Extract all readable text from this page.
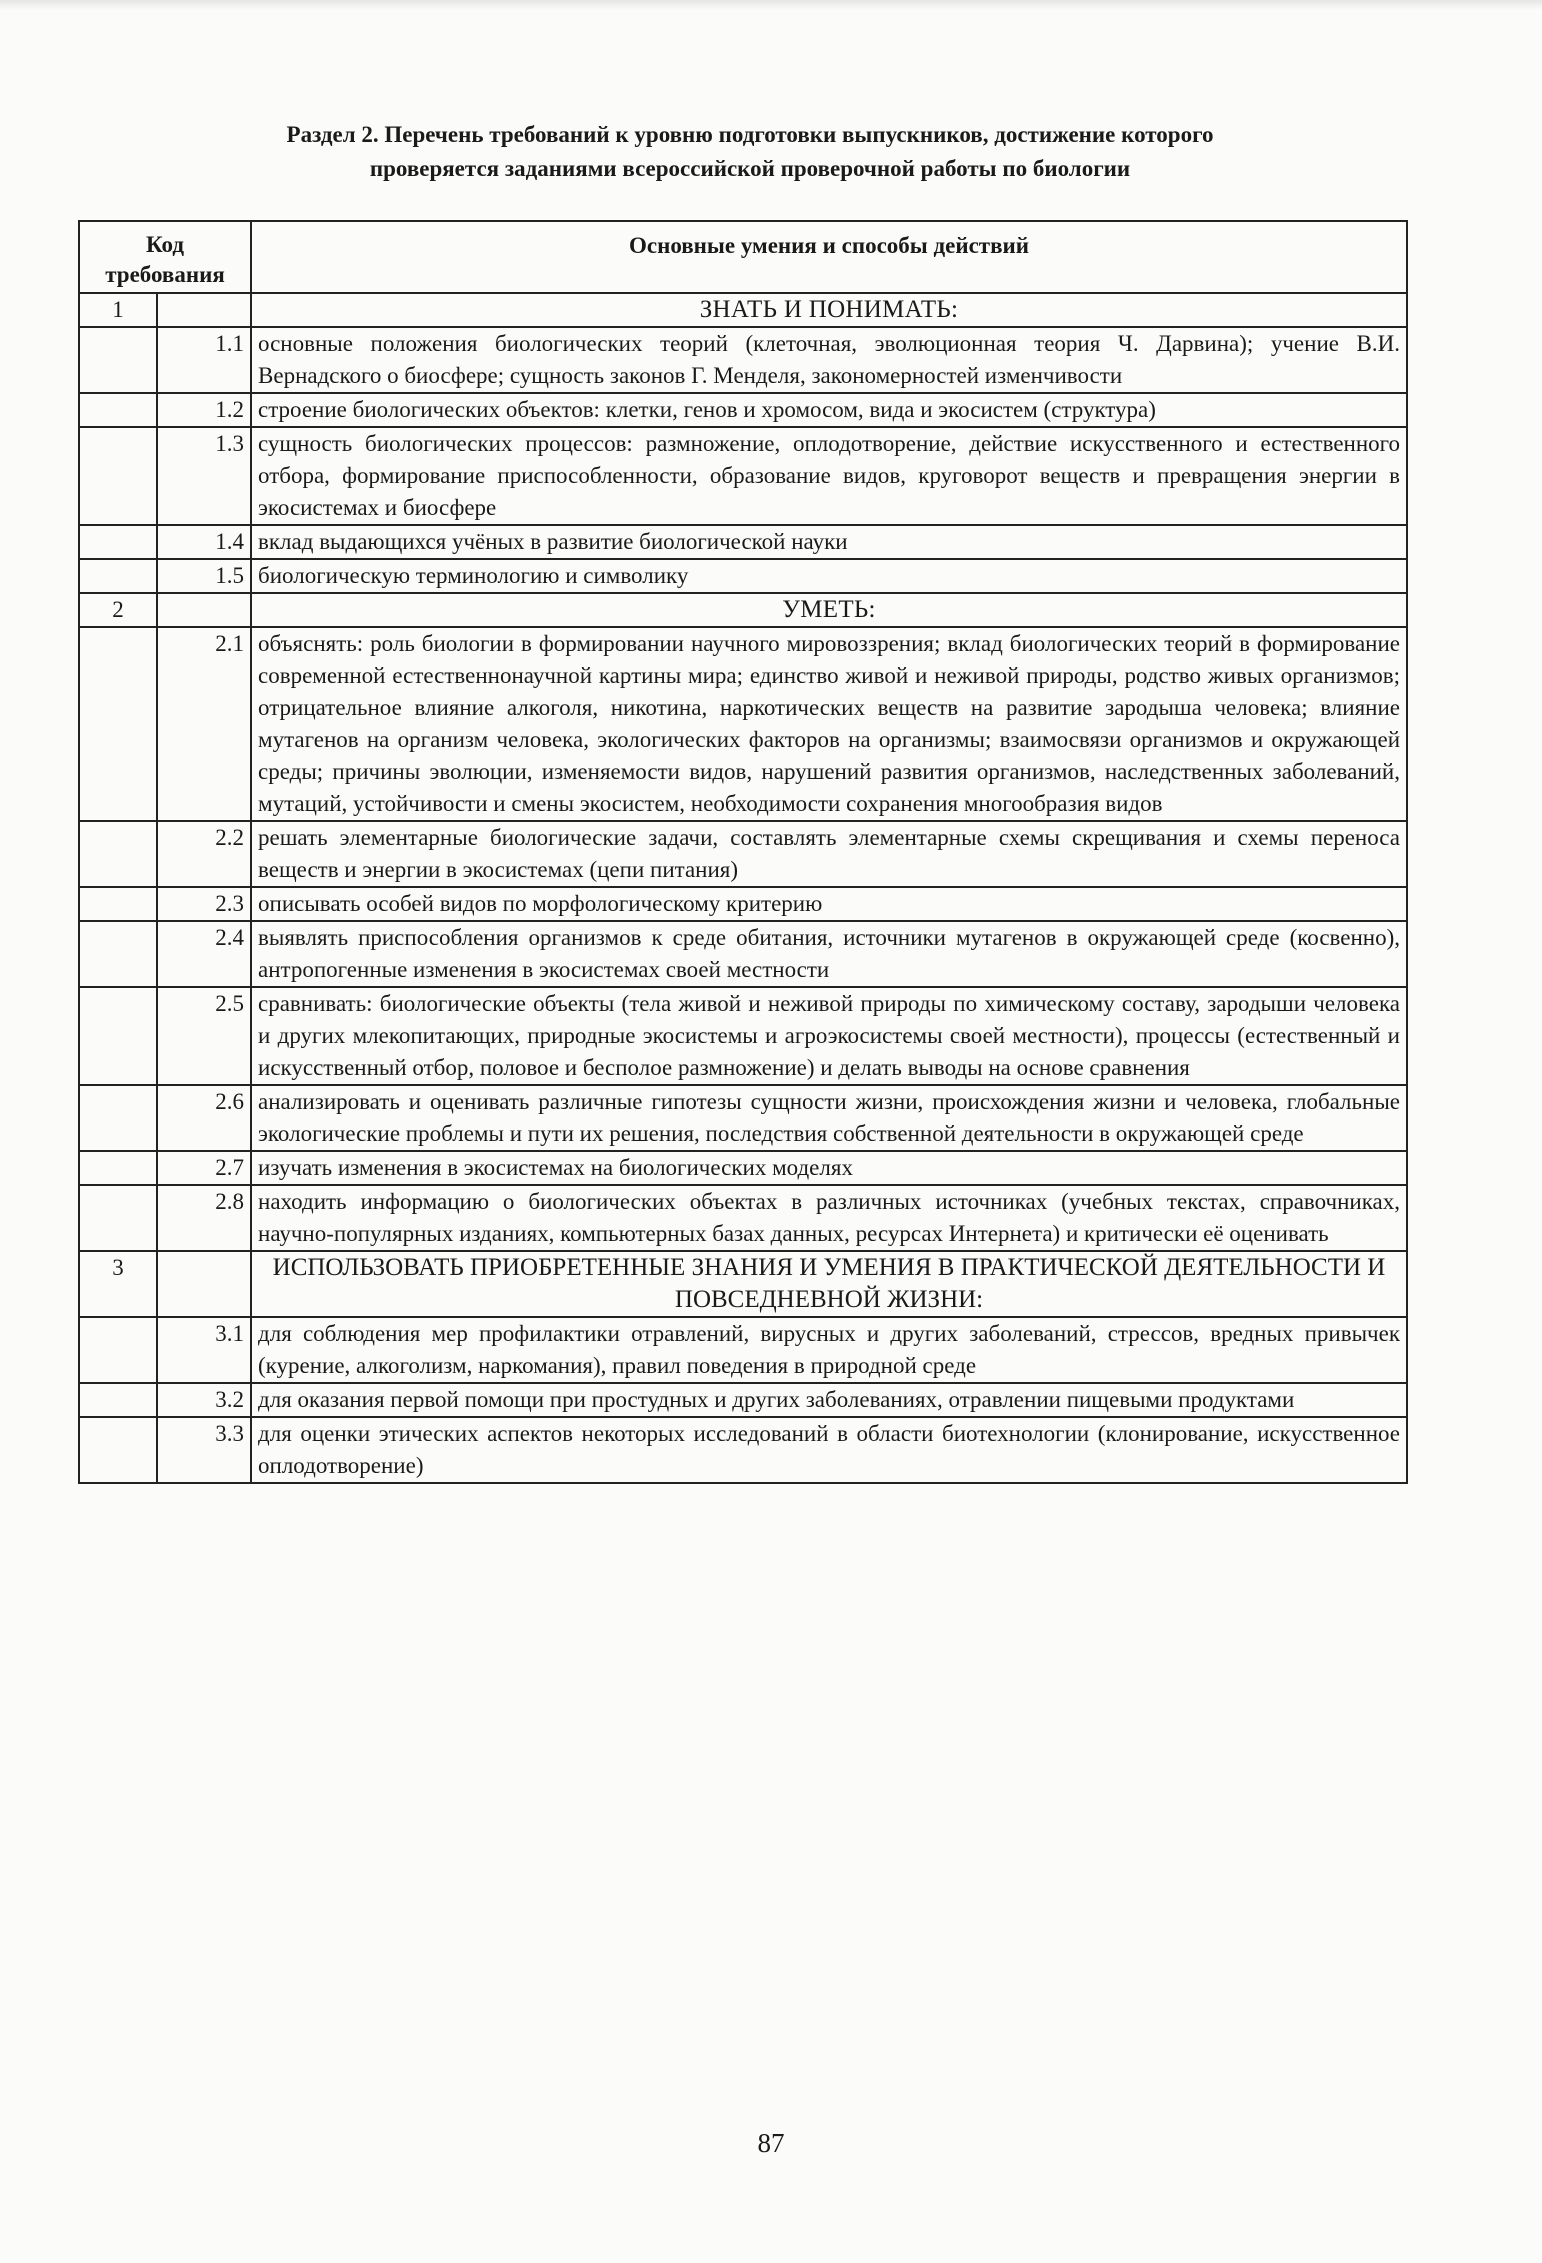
Раздел 2. Перечень требований к уровню подготовки выпускников, достижение которого
проверяется заданиями всероссийской проверочной работы по биологии
Код
требования		Основные умения и способы действий
1		ЗНАТЬ И ПОНИМАТЬ:
	1.1	основные положения биологических теорий (клеточная, эволюционная теория Ч. Дарвина); учение В.И. Вернадского о биосфере; сущность законов Г. Менделя, закономерностей изменчивости
	1.2	строение биологических объектов: клетки, генов и хромосом, вида и экосистем (структура)
	1.3	сущность биологических процессов: размножение, оплодотворение, действие искусственного и естественного отбора, формирование приспособленности, образование видов, круговорот веществ и превращения энергии в экосистемах и биосфере
	1.4	вклад выдающихся учёных в развитие биологической науки
	1.5	биологическую терминологию и символику
2		УМЕТЬ:
	2.1	объяснять: роль биологии в формировании научного мировоззрения; вклад биологических теорий в формирование современной естественнонаучной картины мира; единство живой и неживой природы, родство живых организмов; отрицательное влияние алкоголя, никотина, наркотических веществ на развитие зародыша человека; влияние мутагенов на организм человека, экологических факторов на организмы; взаимосвязи организмов и окружающей среды; причины эволюции, изменяемости видов, нарушений развития организмов, наследственных заболеваний, мутаций, устойчивости и смены экосистем, необходимости сохранения многообразия видов
	2.2	решать элементарные биологические задачи, составлять элементарные схемы скрещивания и схемы переноса веществ и энергии в экосистемах (цепи питания)
	2.3	описывать особей видов по морфологическому критерию
	2.4	выявлять приспособления организмов к среде обитания, источники мутагенов в окружающей среде (косвенно), антропогенные изменения в экосистемах своей местности
	2.5	сравнивать: биологические объекты (тела живой и неживой природы по химическому составу, зародыши человека и других млекопитающих, природные экосистемы и агроэкосистемы своей местности), процессы (естественный и искусственный отбор, половое и бесполое размножение) и делать выводы на основе сравнения
	2.6	анализировать и оценивать различные гипотезы сущности жизни, происхождения жизни и человека, глобальные экологические проблемы и пути их решения, последствия собственной деятельности в окружающей среде
	2.7	изучать изменения в экосистемах на биологических моделях
	2.8	находить информацию о биологических объектах в различных источниках (учебных текстах, справочниках, научно-популярных изданиях, компьютерных базах данных, ресурсах Интернета) и критически её оценивать
3		ИСПОЛЬЗОВАТЬ ПРИОБРЕТЕННЫЕ ЗНАНИЯ И УМЕНИЯ В ПРАКТИЧЕСКОЙ ДЕЯТЕЛЬНОСТИ И ПОВСЕДНЕВНОЙ ЖИЗНИ:
	3.1	для соблюдения мер профилактики отравлений, вирусных и других заболеваний, стрессов, вредных привычек (курение, алкоголизм, наркомания), правил поведения в природной среде
	3.2	для оказания первой помощи при простудных и других заболеваниях, отравлении пищевыми продуктами
	3.3	для оценки этических аспектов некоторых исследований в области биотехнологии (клонирование, искусственное оплодотворение)
87
